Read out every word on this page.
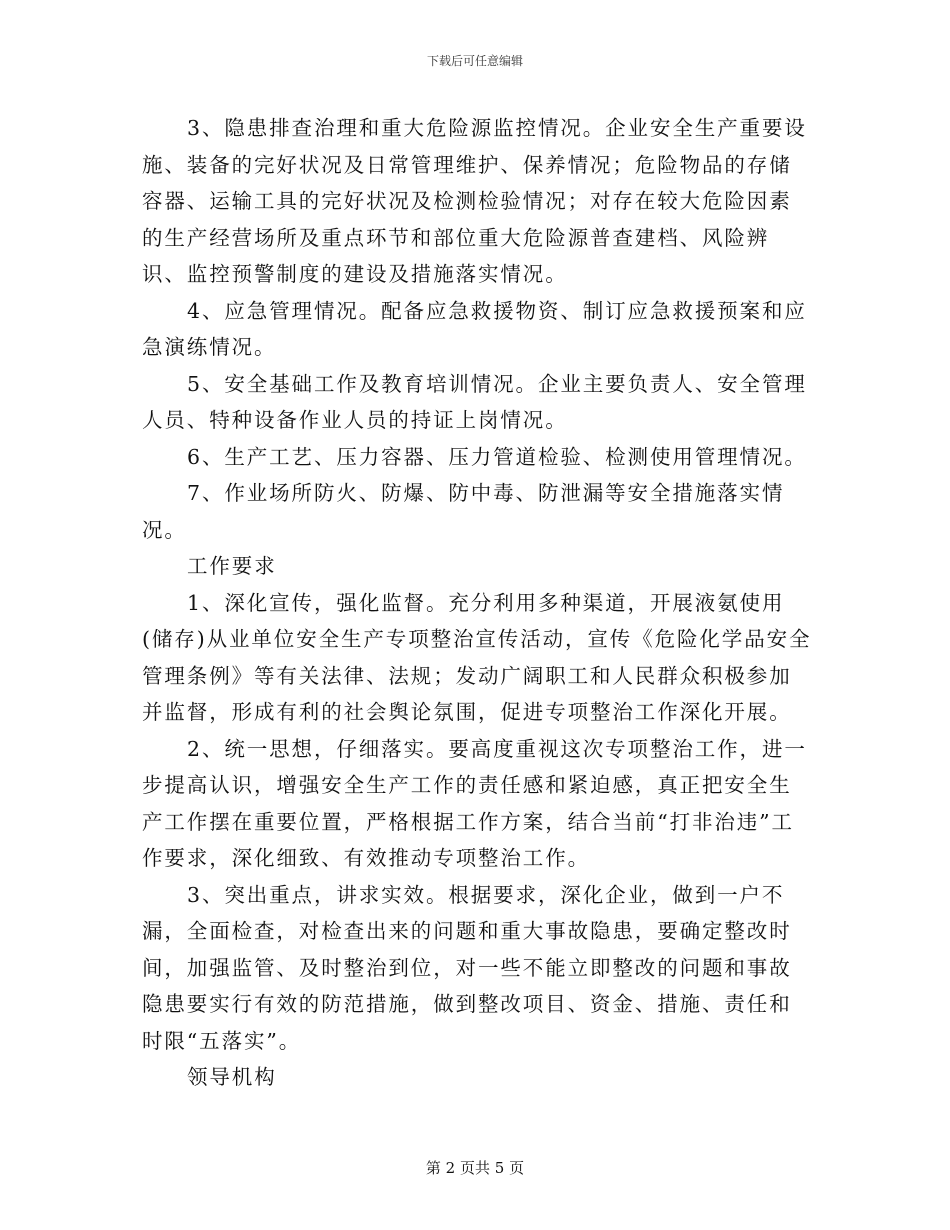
下载后可任意编辑

3、隐患排查治理和重大危险源监控情况。企业安全生产重要设施、装备的完好状况及日常管理维护、保养情况；危险物品的存储容器、运输工具的完好状况及检测检验情况；对存在较大危险因素的生产经营场所及重点环节和部位重大危险源普查建档、风险辨识、监控预警制度的建设及措施落实情况。

4、应急管理情况。配备应急救援物资、制订应急救援预案和应急演练情况。

5、安全基础工作及教育培训情况。企业主要负责人、安全管理人员、特种设备作业人员的持证上岗情况。

6、生产工艺、压力容器、压力管道检验、检测使用管理情况。

7、作业场所防火、防爆、防中毒、防泄漏等安全措施落实情况。

工作要求

1、深化宣传，强化监督。充分利用多种渠道，开展液氨使用(储存)从业单位安全生产专项整治宣传活动，宣传《危险化学品安全管理条例》等有关法律、法规；发动广阔职工和人民群众积极参加并监督，形成有利的社会舆论氛围，促进专项整治工作深化开展。

2、统一思想，仔细落实。要高度重视这次专项整治工作，进一步提高认识，增强安全生产工作的责任感和紧迫感，真正把安全生产工作摆在重要位置，严格根据工作方案，结合当前“打非治违”工作要求，深化细致、有效推动专项整治工作。

3、突出重点，讲求实效。根据要求，深化企业，做到一户不漏，全面检查，对检查出来的问题和重大事故隐患，要确定整改时间，加强监管、及时整治到位，对一些不能立即整改的问题和事故隐患要实行有效的防范措施，做到整改项目、资金、措施、责任和时限“五落实”。

领导机构

第 2 页共 5 页
